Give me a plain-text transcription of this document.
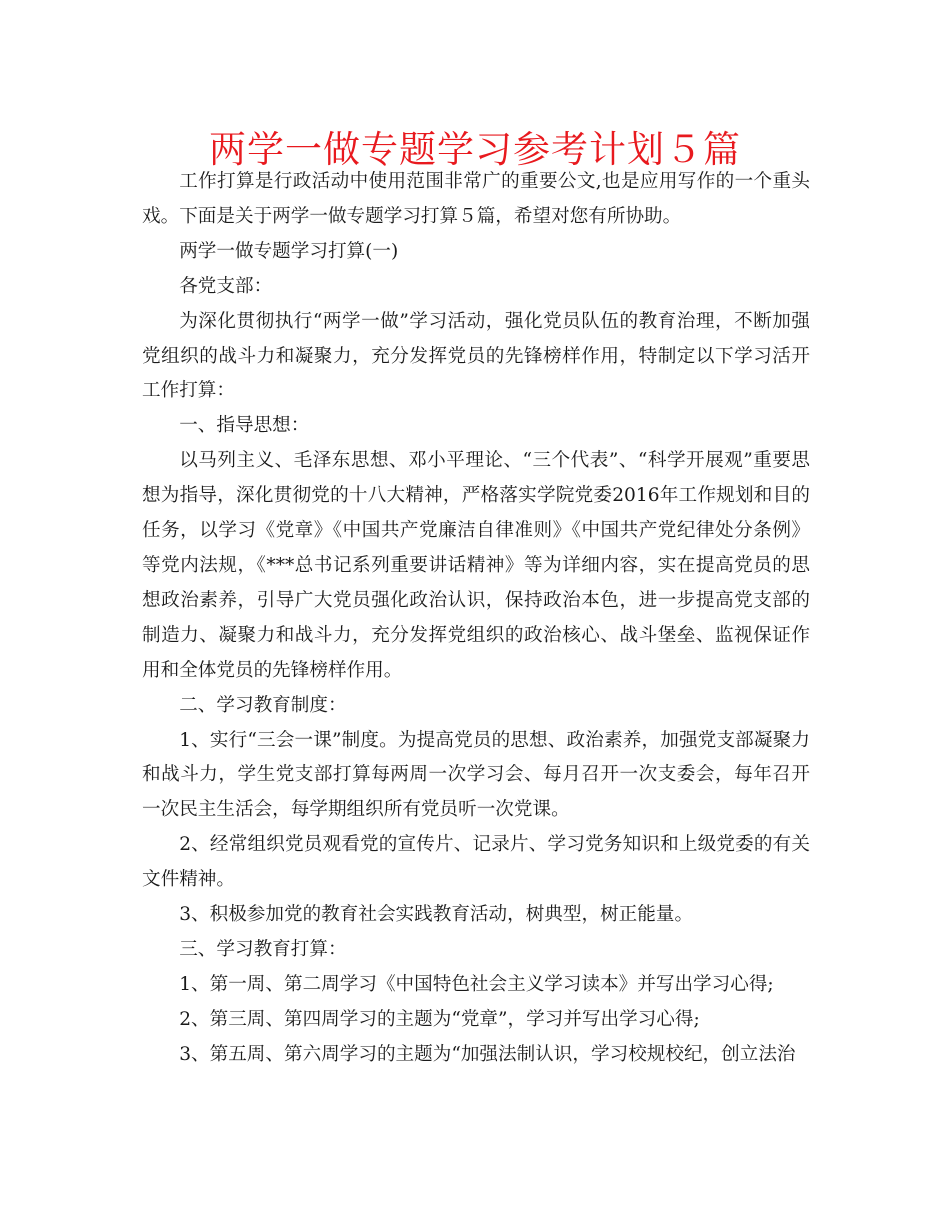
两学一做专题学习参考计划５篇

工作打算是行政活动中使用范围非常广的重要公文,也是应用写作的一个重头戏。下面是关于两学一做专题学习打算５篇，希望对您有所协助。

两学一做专题学习打算(一)

各党支部：

为深化贯彻执行“两学一做”学习活动，强化党员队伍的教育治理，不断加强党组织的战斗力和凝聚力，充分发挥党员的先锋榜样作用，特制定以下学习活开工作打算：

一、指导思想：

以马列主义、毛泽东思想、邓小平理论、“三个代表”、“科学开展观”重要思想为指导，深化贯彻党的十八大精神，严格落实学院党委2016年工作规划和目的任务，以学习《党章》《中国共产党廉洁自律准则》《中国共产党纪律处分条例》等党内法规，《***总书记系列重要讲话精神》等为详细内容，实在提高党员的思想政治素养，引导广大党员强化政治认识，保持政治本色，进一步提高党支部的制造力、凝聚力和战斗力，充分发挥党组织的政治核心、战斗堡垒、监视保证作用和全体党员的先锋榜样作用。

二、学习教育制度：

1、实行“三会一课”制度。为提高党员的思想、政治素养，加强党支部凝聚力和战斗力，学生党支部打算每两周一次学习会、每月召开一次支委会，每年召开一次民主生活会，每学期组织所有党员听一次党课。

2、经常组织党员观看党的宣传片、记录片、学习党务知识和上级党委的有关文件精神。

3、积极参加党的教育社会实践教育活动，树典型，树正能量。

三、学习教育打算：

1、第一周、第二周学习《中国特色社会主义学习读本》并写出学习心得;

2、第三周、第四周学习的主题为“党章”，学习并写出学习心得;

3、第五周、第六周学习的主题为“加强法制认识，学习校规校纪，创立法治
